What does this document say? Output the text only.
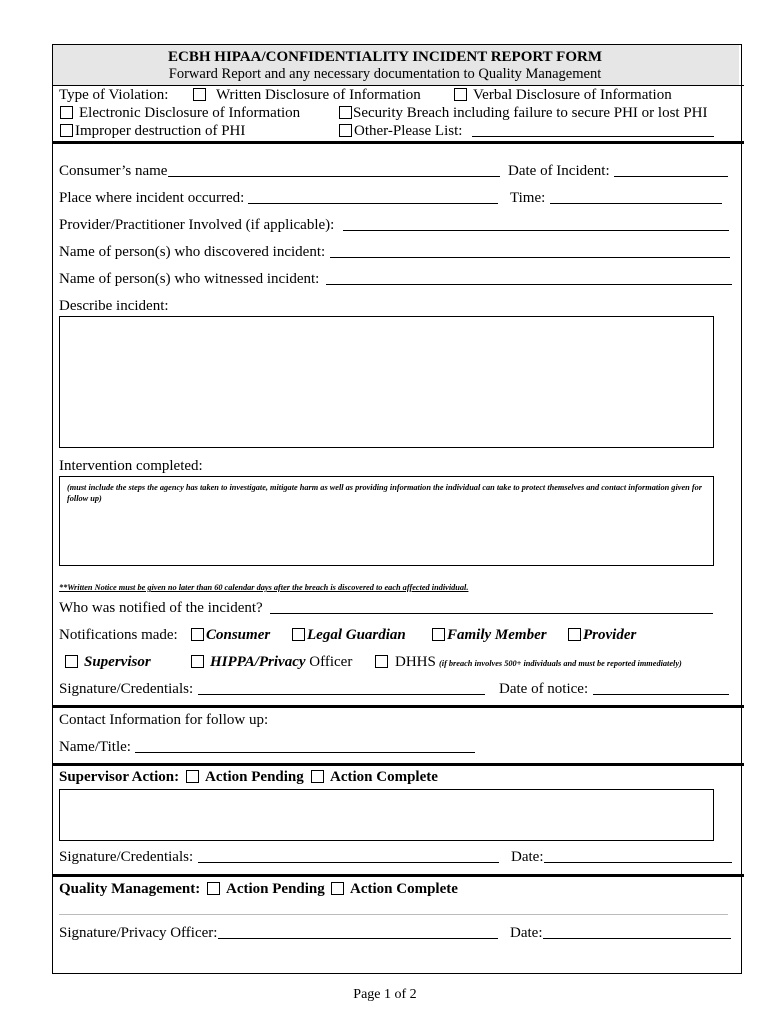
ECBH HIPAA/CONFIDENTIALITY INCIDENT REPORT FORM
Forward Report and any necessary documentation to Quality Management
Type of Violation:	Written Disclosure of Information	Verbal Disclosure of Information
Electronic Disclosure of Information	Security Breach including failure to secure PHI or lost PHI
Improper destruction of PHI	Other-Please List:
Consumer’s name	Date of Incident:
Place where incident occurred:	Time:
Provider/Practitioner Involved (if applicable):
Name of person(s) who discovered incident:
Name of person(s) who witnessed incident:
Describe incident:
Intervention completed:
(must include the steps the agency has taken to investigate, mitigate harm as well as providing information the individual can take to protect themselves and contact information given for follow up)
**Written Notice must be given no later than 60 calendar days after the breach is discovered to each affected individual.
Who was notified of the incident?
Notifications made: Consumer Legal Guardian	Family Member Provider
Supervisor	HIPPA/Privacy Officer	DHHS (if breach involves 500+ individuals and must be reported immediately)
Signature/Credentials:	Date of notice:
Contact Information for follow up:
Name/Title:
Supervisor Action: Action Pending Action Complete
Signature/Credentials:	Date:
Quality Management: Action Pending Action Complete
Signature/Privacy Officer:	Date:
Page 1 of 2
